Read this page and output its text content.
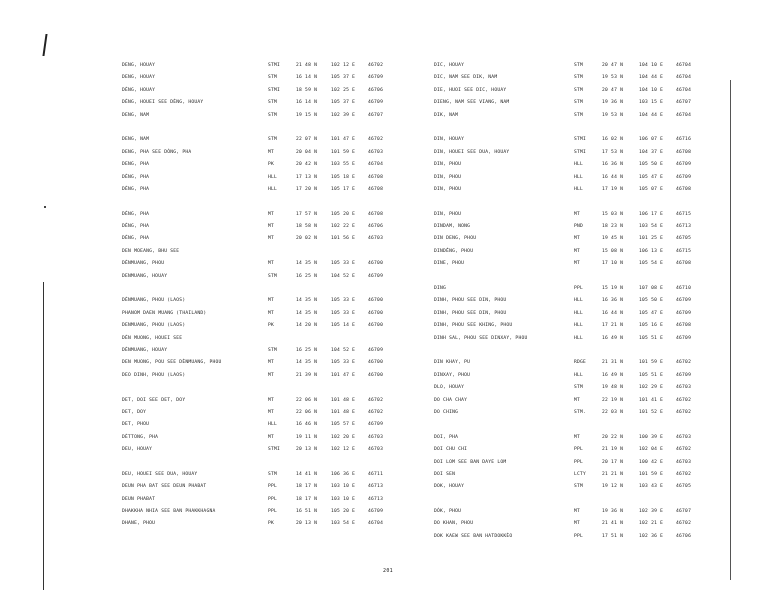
DENG, HOUAY	STMI	21 48 N	102 12 E	46702
DENG, HOUAY	STM	16 14 N	105 37 E	46709
DÈNG, HOUAY	STMI	18 59 N	102 25 E	46706
DÈNG, HOUEI SEE DÈNG, HOUAY	STM	16 14 N	105 37 E	46709
DENG, NAM	STM	19 15 N	102 39 E	46707
DENG, NAM	STM	22 07 N	101 47 E	46702
DENG, PHA SEE DÔNG, PHA	MT	20 04 N	101 59 E	46703
DENG, PHA	PK	20 42 N	103 55 E	46704
DÈNG, PHA	HLL	17 13 N	105 18 E	46708
DÈNG, PHA	HLL	17 20 N	105 17 E	46708
DÉNG, PHA	MT	17 57 N	105 20 E	46708
DÈNG, PHA	MT	18 58 N	102 22 E	46706
DÈNG, PHA	MT	20 02 N	101 56 E	46703
DEN MOEANG, BHU SEE
DÈNMUANG, PHOU	MT	14 35 N	105 33 E	46700
DENMUANG, HOUAY	STM	16 25 N	104 52 E	46709
DÈNMUANG, PHOU (LAOS)	MT	14 35 N	105 33 E	46700
PHANOM DAEN MUANG (THAILAND)	MT	14 35 N	105 33 E	46700
DENMUANG, PHOU (LAOS)	PK	14 20 N	105 14 E	46700
DÈN MUONG, HOUEI SEE
DÈNMUANG, HOUAY	STM	16 25 N	104 52 E	46709
DEN MUONG, POU SEE DÈNMUANG, PHOU	MT	14 35 N	105 33 E	46700
DEO DINH, PHOU (LAOS)	MT	21 39 N	101 47 E	46700
DET, DOI SEE DET, DOY	MT	22 06 N	101 48 E	46702
DET, DOY	MT	22 06 N	101 48 E	46702
DET, PHOU	HLL	16 46 N	105 57 E	46709
DÈTTONG, PHA	MT	19 11 N	102 20 E	46703
DEU, HOUAY	STMI	20 13 N	102 12 E	46703
DEU, HOUEI SEE DUA, HOUAY	STM	14 41 N	106 36 E	46711
DEUN PHA BAT SEE DEUN PHABAT	PPL	18 17 N	103 10 E	46713
DEUN PHABAT	PPL	18 17 N	103 10 E	46713
DHAKKHA NHIA SEE BAN PHAKKHAGNA	PPL	16 51 N	105 20 E	46709
DHANE, PHOU	PK	20 13 N	103 54 E	46704
DIC, HOUAY	STM	20 47 N	104 10 E	46704
DIC, NAM SEE DIK, NAM	STM	19 53 N	104 44 E	46704
DIE, HUOI SEE DIC, HOUAY	STM	20 47 N	104 10 E	46704
DIENG, NAM SEE VIANG, NAM	STM	19 36 N	103 15 E	46707
DIK, NAM	STM	19 53 N	104 44 E	46704
DIN, HOUAY	STMI	16 02 N	106 07 E	46716
DIN, HOUEI SEE DUA, HOUAY	STMI	17 53 N	104 37 E	46708
DIN, PHOU	HLL	16 36 N	105 50 E	46709
DIN, PHOU	HLL	16 44 N	105 47 E	46709
DIN, PHOU	HLL	17 19 N	105 07 E	46708
DIN, PHOU	MT	15 03 N	106 17 E	46715
DINDAM, NONG	PND	18 23 N	103 54 E	46713
DIN DENG, PHOU	MT	19 45 N	101 25 E	46705
DINDÊNG, PHOU	MT	15 08 N	106 13 E	46715
DINE, PHOU	MT	17 10 N	105 54 E	46708
DING	PPL	15 19 N	107 08 E	46710
DINH, PHOU SEE DIN, PHOU	HLL	16 36 N	105 50 E	46709
DINH, PHOU SEE DIN, PHOU	HLL	16 44 N	105 47 E	46709
DINH, PHOU SEE KHING, PHOU	HLL	17 21 N	105 16 E	46708
DINH SAL, PHOU SEE DINXAY, PHOU	HLL	16 49 N	105 51 E	46709
DIN KHAY, PU	RDGE	21 31 N	101 59 E	46702
DINXAY, PHOU	HLL	16 49 N	105 51 E	46709
DLO, HOUAY	STM	19 48 N	102 29 E	46703
DO CHA CHAY	MT	22 19 N	101 41 E	46702
DO CHING	STM.	22 03 N	101 52 E	46702
DOI, PHA	MT	20 22 N	100 39 E	46703
DOI CHU CHI	PPL	21 19 N	102 04 E	46702
DOI LOM SEE BAN DAYE LOM	PPL	20 17 N	100 42 E	46703
DOI SEN	LCTY	21 21 N	101 59 E	46702
DOK, HOUAY	STM	19 12 N	103 43 E	46705
DÔK, PHOU	MT	19 36 N	102 39 E	46707
DO KHAN, PHOU	MT	21 41 N	102 21 E	46702
DOK KAEW SEE BAN HATDOKKÈO	PPL	17 51 N	102 36 E	46706
201
